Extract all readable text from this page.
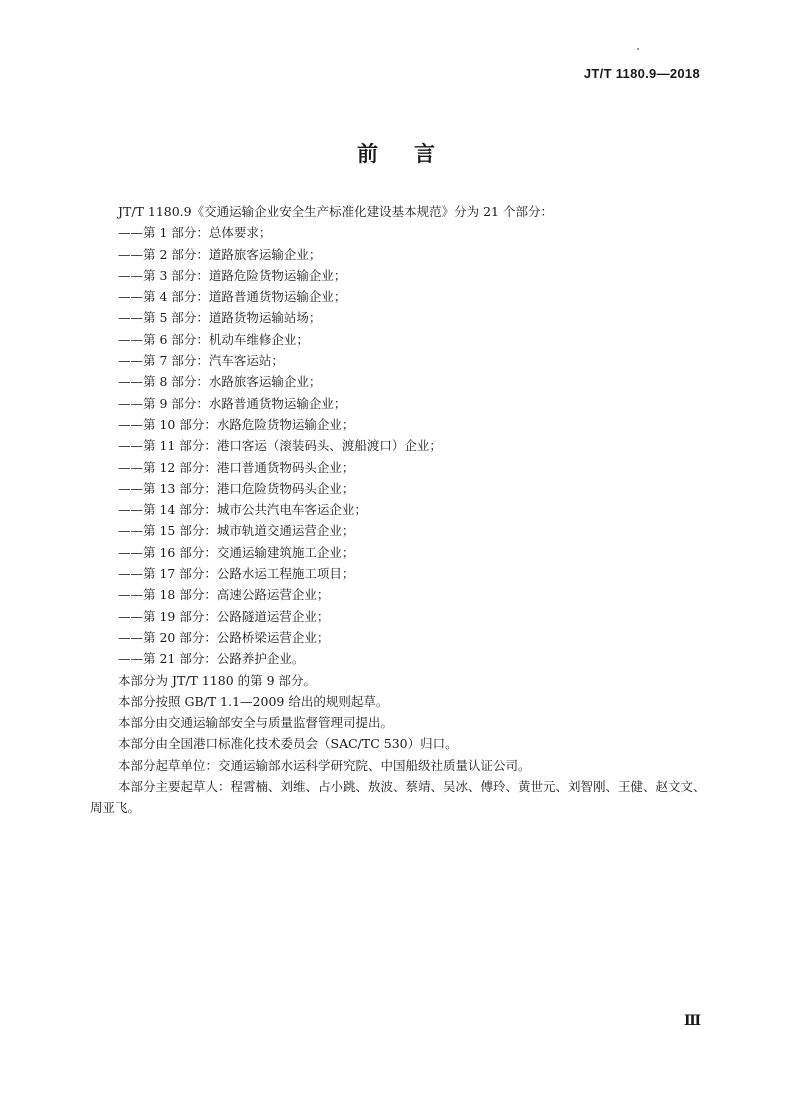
JT/T 1180.9—2018
前言

JT/T 1180.9《交通运输企业安全生产标准化建设基本规范》分为 21 个部分：

——第 1 部分：总体要求；
——第 2 部分：道路旅客运输企业；
——第 3 部分：道路危险货物运输企业；
——第 4 部分：道路普通货物运输企业；
——第 5 部分：道路货物运输站场；
——第 6 部分：机动车维修企业；
——第 7 部分：汽车客运站；
——第 8 部分：水路旅客运输企业；
——第 9 部分：水路普通货物运输企业；
——第 10 部分：水路危险货物运输企业；
——第 11 部分：港口客运（滚装码头、渡船渡口）企业；
——第 12 部分：港口普通货物码头企业；
——第 13 部分：港口危险货物码头企业；
——第 14 部分：城市公共汽电车客运企业；
——第 15 部分：城市轨道交通运营企业；
——第 16 部分：交通运输建筑施工企业；
——第 17 部分：公路水运工程施工项目；
——第 18 部分：高速公路运营企业；
——第 19 部分：公路隧道运营企业；
——第 20 部分：公路桥梁运营企业；
——第 21 部分：公路养护企业。

本部分为 JT/T 1180 的第 9 部分。

本部分按照 GB/T 1.1—2009 给出的规则起草。

本部分由交通运输部安全与质量监督管理司提出。

本部分由全国港口标准化技术委员会（SAC/TC 530）归口。

本部分起草单位：交通运输部水运科学研究院、中国船级社质量认证公司。

本部分主要起草人：程霄楠、刘维、占小跳、敖波、蔡靖、吴冰、傅玲、黄世元、刘智刚、王健、赵文文、周亚飞。

Ⅲ
